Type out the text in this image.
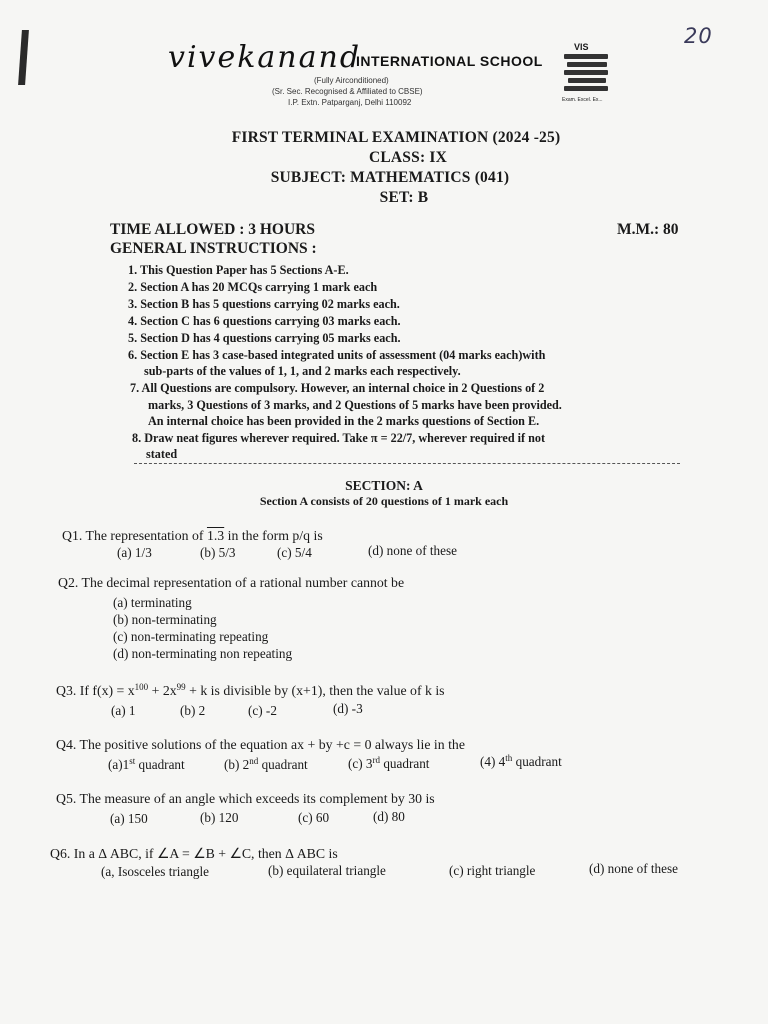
20
vivekanand
INTERNATIONAL SCHOOL
(Fully Airconditioned)
(Sr. Sec. Recognised & Affiliated to CBSE)
I.P. Extn. Patparganj, Delhi 110092
VIS
Exam. Excel. Ex...
FIRST TERMINAL EXAMINATION (2024 -25)
CLASS: IX
SUBJECT: MATHEMATICS (041)
SET: B
TIME ALLOWED : 3 HOURS	M.M.: 80
GENERAL INSTRUCTIONS :
1. This Question Paper has 5 Sections A-E.
2. Section A has 20 MCQs carrying 1 mark each
3. Section B has 5 questions carrying 02 marks each.
4. Section C has 6 questions carrying 03 marks each.
5. Section D has 4 questions carrying 05 marks each.
6. Section E has 3 case-based integrated units of assessment (04 marks each)with
sub-parts of the values of 1, 1, and 2 marks each respectively.
7. All Questions are compulsory. However, an internal choice in 2 Questions of 2
marks, 3 Questions of 3 marks, and 2 Questions of 5 marks have been provided.
An internal choice has been provided in the 2 marks questions of Section E.
8. Draw neat figures wherever required. Take π = 22/7, wherever required if not
stated
SECTION: A
Section A consists of 20 questions of 1 mark each
Q1. The representation of 1.3 in the form p/q is
(a) 1/3	(b) 5/3	(c) 5/4	(d) none of these
Q2. The decimal representation of a rational number cannot be
(a) terminating
(b) non-terminating
(c) non-terminating repeating
(d) non-terminating non repeating
Q3. If $f(x) = x^{100} + 2x^{99} + k$ is divisible by (x+1), then the value of k is
(a) 1	(b) 2	(c) -2	(d) -3
Q4. The positive solutions of the equation ax + by +c = 0 always lie in the
(a)1st quadrant	(b) 2nd quadrant	(c) 3rd quadrant	(4) 4th quadrant
Q5. The measure of an angle which exceeds its complement by 30 is
(a) 150	(b) 120	(c) 60	(d) 80
Q6. In a Δ ABC, if ∠A = ∠B + ∠C, then Δ ABC is
(a, Isosceles triangle	(b) equilateral triangle	(c) right triangle	(d) none of these
